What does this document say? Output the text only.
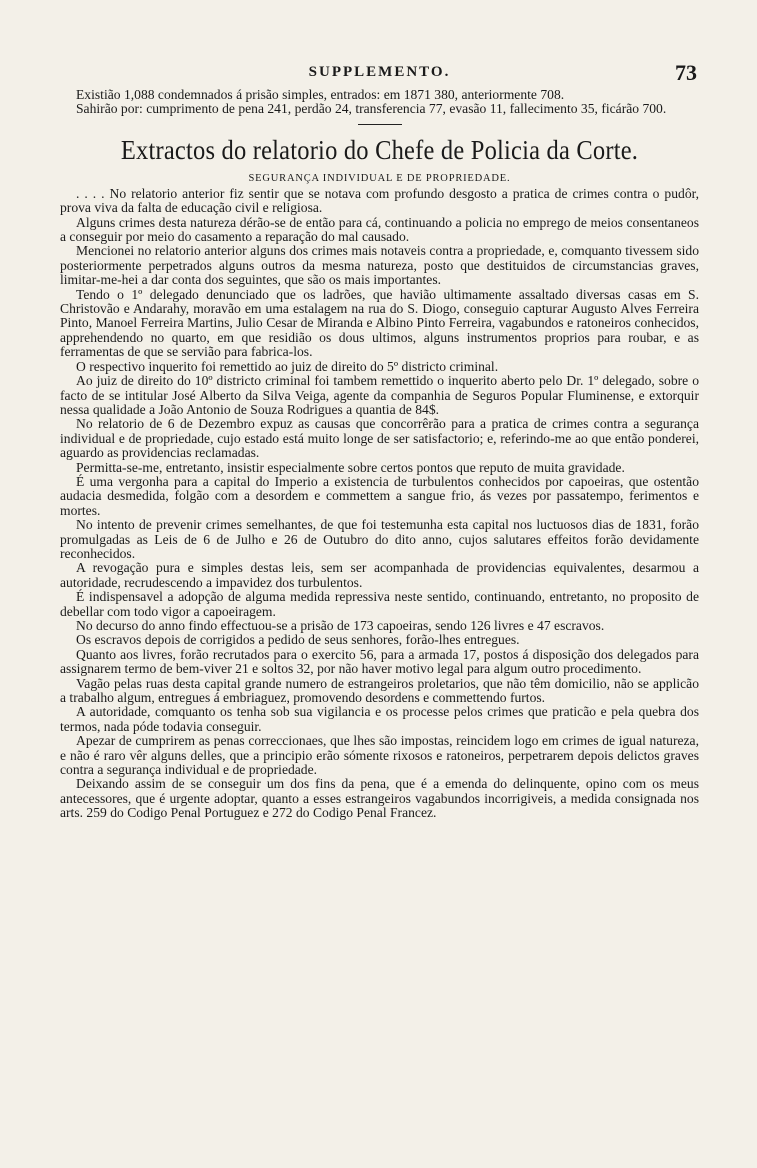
SUPPLEMENTO.	73

Existião 1,088 condemnados á prisão simples, entrados: em 1871 380, anteriormente 708.

Sahirão por: cumprimento de pena 241, perdão 24, transferencia 77, evasão 11, fallecimento 35, ficárão 700.

Extractos do relatorio do Chefe de Policia da Corte.
SEGURANÇA INDIVIDUAL E DE PROPRIEDADE.

. . . . No relatorio anterior fiz sentir que se notava com profundo desgosto a pratica de crimes contra o pudôr, prova viva da falta de educação civil e religiosa.

Alguns crimes desta natureza dérão-se de então para cá, continuando a policia no emprego de meios consentaneos a conseguir por meio do casamento a reparação do mal causado.

Mencionei no relatorio anterior alguns dos crimes mais notaveis contra a propriedade, e, comquanto tivessem sido posteriormente perpetrados alguns outros da mesma natureza, posto que destituidos de circumstancias graves, limitar-me-hei a dar conta dos seguintes, que são os mais importantes.

Tendo o 1º delegado denunciado que os ladrões, que havião ultimamente assaltado diversas casas em S. Christovão e Andarahy, moravão em uma estalagem na rua do S. Diogo, conseguio capturar Augusto Alves Ferreira Pinto, Manoel Ferreira Martins, Julio Cesar de Miranda e Albino Pinto Ferreira, vagabundos e ratoneiros conhecidos, apprehendendo no quarto, em que residião os dous ultimos, alguns instrumentos proprios para roubar, e as ferramentas de que se servião para fabrica-los.

O respectivo inquerito foi remettido ao juiz de direito do 5º districto criminal.

Ao juiz de direito do 10º districto criminal foi tambem remettido o inquerito aberto pelo Dr. 1º delegado, sobre o facto de se intitular José Alberto da Silva Veiga, agente da companhia de Seguros Popular Fluminense, e extorquir nessa qualidade a João Antonio de Souza Rodrigues a quantia de 84$.

No relatorio de 6 de Dezembro expuz as causas que concorrêrão para a pratica de crimes contra a segurança individual e de propriedade, cujo estado está muito longe de ser satisfactorio; e, referindo-me ao que então ponderei, aguardo as providencias reclamadas.

Permitta-se-me, entretanto, insistir especialmente sobre certos pontos que reputo de muita gravidade.

É uma vergonha para a capital do Imperio a existencia de turbulentos conhecidos por capoeiras, que ostentão audacia desmedida, folgão com a desordem e commettem a sangue frio, ás vezes por passatempo, ferimentos e mortes.

No intento de prevenir crimes semelhantes, de que foi testemunha esta capital nos luctuosos dias de 1831, forão promulgadas as Leis de 6 de Julho e 26 de Outubro do dito anno, cujos salutares effeitos forão devidamente reconhecidos.

A revogação pura e simples destas leis, sem ser acompanhada de providencias equivalentes, desarmou a autoridade, recrudescendo a impavidez dos turbulentos.

É indispensavel a adopção de alguma medida repressiva neste sentido, continuando, entretanto, no proposito de debellar com todo vigor a capoeiragem.

No decurso do anno findo effectuou-se a prisão de 173 capoeiras, sendo 126 livres e 47 escravos.

Os escravos depois de corrigidos a pedido de seus senhores, forão-lhes entregues.

Quanto aos livres, forão recrutados para o exercito 56, para a armada 17, postos á disposição dos delegados para assignarem termo de bem-viver 21 e soltos 32, por não haver motivo legal para algum outro procedimento.

Vagão pelas ruas desta capital grande numero de estrangeiros proletarios, que não têm domicilio, não se applicão a trabalho algum, entregues á embriaguez, promovendo desordens e commettendo furtos.

A autoridade, comquanto os tenha sob sua vigilancia e os processe pelos crimes que praticão e pela quebra dos termos, nada póde todavia conseguir.

Apezar de cumprirem as penas correccionaes, que lhes são impostas, reincidem logo em crimes de igual natureza, e não é raro vêr alguns delles, que a principio erão sómente rixosos e ratoneiros, perpetrarem depois delictos graves contra a segurança individual e de propriedade.

Deixando assim de se conseguir um dos fins da pena, que é a emenda do delinquente, opino com os meus antecessores, que é urgente adoptar, quanto a esses estrangeiros vagabundos incorrigiveis, a medida consignada nos arts. 259 do Codigo Penal Portuguez e 272 do Codigo Penal Francez.
